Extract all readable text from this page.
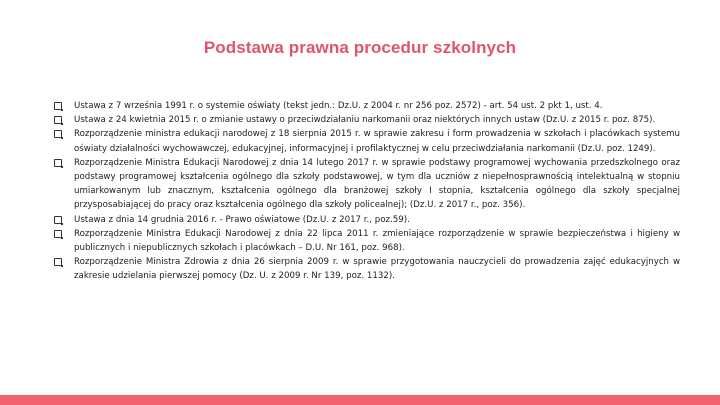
Podstawa prawna procedur szkolnych
Ustawa z 7 września 1991 r. o systemie oświaty (tekst jedn.: Dz.U. z 2004 r. nr 256 poz. 2572) - art. 54 ust. 2 pkt 1, ust. 4.
Ustawa z 24 kwietnia 2015 r. o zmianie ustawy o przeciwdziałaniu narkomanii oraz niektórych innych ustaw (Dz.U. z 2015 r. poz. 875).
Rozporządzenie ministra edukacji narodowej z 18 sierpnia 2015 r. w sprawie zakresu i form prowadzenia w szkołach i placówkach systemu oświaty działalności wychowawczej, edukacyjnej, informacyjnej i profilaktycznej w celu przeciwdziałania narkomanii (Dz.U. poz. 1249).
Rozporządzenie Ministra Edukacji Narodowej z dnia 14 lutego 2017 r. w sprawie podstawy programowej wychowania przedszkolnego oraz podstawy programowej kształcenia ogólnego dla szkoły podstawowej, w tym dla uczniów z niepełnosprawnością intelektualną w stopniu umiarkowanym lub znacznym, kształcenia ogólnego dla branżowej szkoły I stopnia, kształcenia ogólnego dla szkoły specjalnej przysposabiającej do pracy oraz kształcenia ogólnego dla szkoły policealnej); (Dz.U. z 2017 r., poz. 356).
Ustawa z dnia 14 grudnia 2016 r. - Prawo oświatowe (Dz.U. z 2017 r., poz.59).
Rozporządzenie Ministra Edukacji Narodowej z dnia 22 lipca 2011 r. zmieniające rozporządzenie w sprawie bezpieczeństwa i higieny w publicznych i niepublicznych szkołach i placówkach – D.U. Nr 161, poz. 968).
Rozporządzenie Ministra Zdrowia z dnia 26 sierpnia 2009 r. w sprawie przygotowania nauczycieli do prowadzenia zajęć edukacyjnych w zakresie udzielania pierwszej pomocy (Dz. U. z 2009 r. Nr 139, poz. 1132).
